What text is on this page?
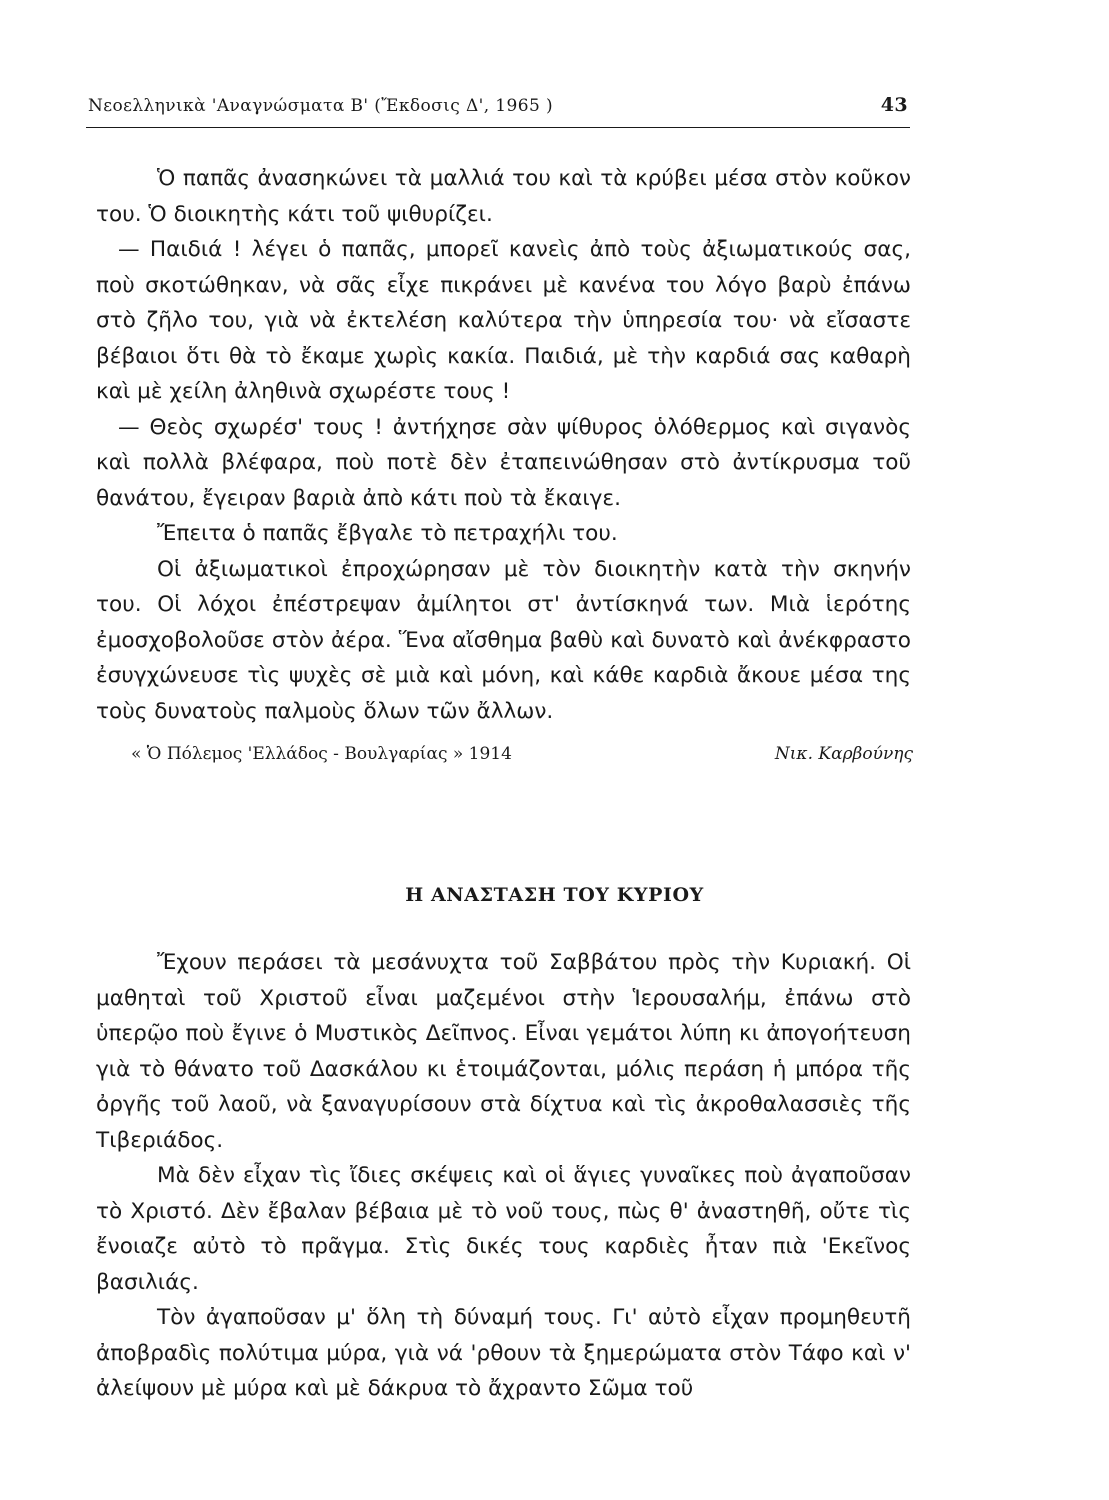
Νεοελληνικὰ 'Αναγνώσματα Β' (Ἔκδοσις Δ', 1965 )	43

Ὁ παπᾶς ἀνασηκώνει τὰ μαλλιά του καὶ τὰ κρύβει μέσα στὸν κοῦκον του. Ὁ διοικητὴς κάτι τοῦ ψιθυρίζει.

— Παιδιά ! λέγει ὁ παπᾶς, μπορεῖ κανεὶς ἀπὸ τοὺς ἀξιωματικούς σας, ποὺ σκοτώθηκαν, νὰ σᾶς εἶχε πικράνει μὲ κανένα του λόγο βαρὺ ἐπάνω στὸ ζῆλο του, γιὰ νὰ ἐκτελέση καλύτερα τὴν ὑπηρεσία του· νὰ εἴσαστε βέβαιοι ὅτι θὰ τὸ ἔκαμε χωρὶς κακία. Παιδιά, μὲ τὴν καρδιά σας καθαρὴ καὶ μὲ χείλη ἀληθινὰ σχωρέστε τους !

— Θεὸς σχωρέσ' τους ! ἀντήχησε σὰν ψίθυρος ὁλόθερμος καὶ σιγανὸς καὶ πολλὰ βλέφαρα, ποὺ ποτὲ δὲν ἐταπεινώθησαν στὸ ἀντίκρυσμα τοῦ θανάτου, ἔγειραν βαριὰ ἀπὸ κάτι ποὺ τὰ ἔκαιγε.

Ἔπειτα ὁ παπᾶς ἔβγαλε τὸ πετραχήλι του.

Οἱ ἀξιωματικοὶ ἐπροχώρησαν μὲ τὸν διοικητὴν κατὰ τὴν σκηνήν του. Οἱ λόχοι ἐπέστρεψαν ἀμίλητοι στ' ἀντίσκηνά των. Μιὰ ἱερότης ἐμοσχοβολοῦσε στὸν ἀέρα. Ἕνα αἴσθημα βαθὺ καὶ δυνατὸ καὶ ἀνέκφραστο ἐσυγχώνευσε τὶς ψυχὲς σὲ μιὰ καὶ μόνη, καὶ κάθε καρδιὰ ἄκουε μέσα της τοὺς δυνατοὺς παλμοὺς ὅλων τῶν ἄλλων.

« Ὁ Πόλεμος 'Ελλάδος - Βουλγαρίας » 1914	Νικ. Καρβούνης
Η ΑΝΑΣΤΑΣΗ ΤΟΥ ΚΥΡΙΟΥ

Ἔχουν περάσει τὰ μεσάνυχτα τοῦ Σαββάτου πρὸς τὴν Κυριακή. Οἱ μαθηταὶ τοῦ Χριστοῦ εἶναι μαζεμένοι στὴν Ἱερουσαλήμ, ἐπάνω στὸ ὑπερῷο ποὺ ἔγινε ὁ Μυστικὸς Δεῖπνος. Εἶναι γεμάτοι λύπη κι ἀπογοήτευση γιὰ τὸ θάνατο τοῦ Δασκάλου κι ἑτοιμάζονται, μόλις περάση ἡ μπόρα τῆς ὀργῆς τοῦ λαοῦ, νὰ ξαναγυρίσουν στὰ δίχτυα καὶ τὶς ἀκροθαλασσιὲς τῆς Τιβεριάδος.

Μὰ δὲν εἶχαν τὶς ἴδιες σκέψεις καὶ οἱ ἅγιες γυναῖκες ποὺ ἀγαποῦσαν τὸ Χριστό. Δὲν ἔβαλαν βέβαια μὲ τὸ νοῦ τους, πὼς θ' ἀναστηθῆ, οὔτε τὶς ἔνοιαζε αὐτὸ τὸ πρᾶγμα. Στὶς δικές τους καρδιὲς ἦταν πιὰ 'Εκεῖνος βασιλιάς.

Τὸν ἀγαποῦσαν μ' ὅλη τὴ δύναμή τους. Γι' αὐτὸ εἶχαν προμηθευτῆ ἀποβραδὶς πολύτιμα μύρα, γιὰ νά 'ρθουν τὰ ξημερώματα στὸν Τάφο καὶ ν' ἀλείψουν μὲ μύρα καὶ μὲ δάκρυα τὸ ἄχραντο Σῶμα τοῦ
